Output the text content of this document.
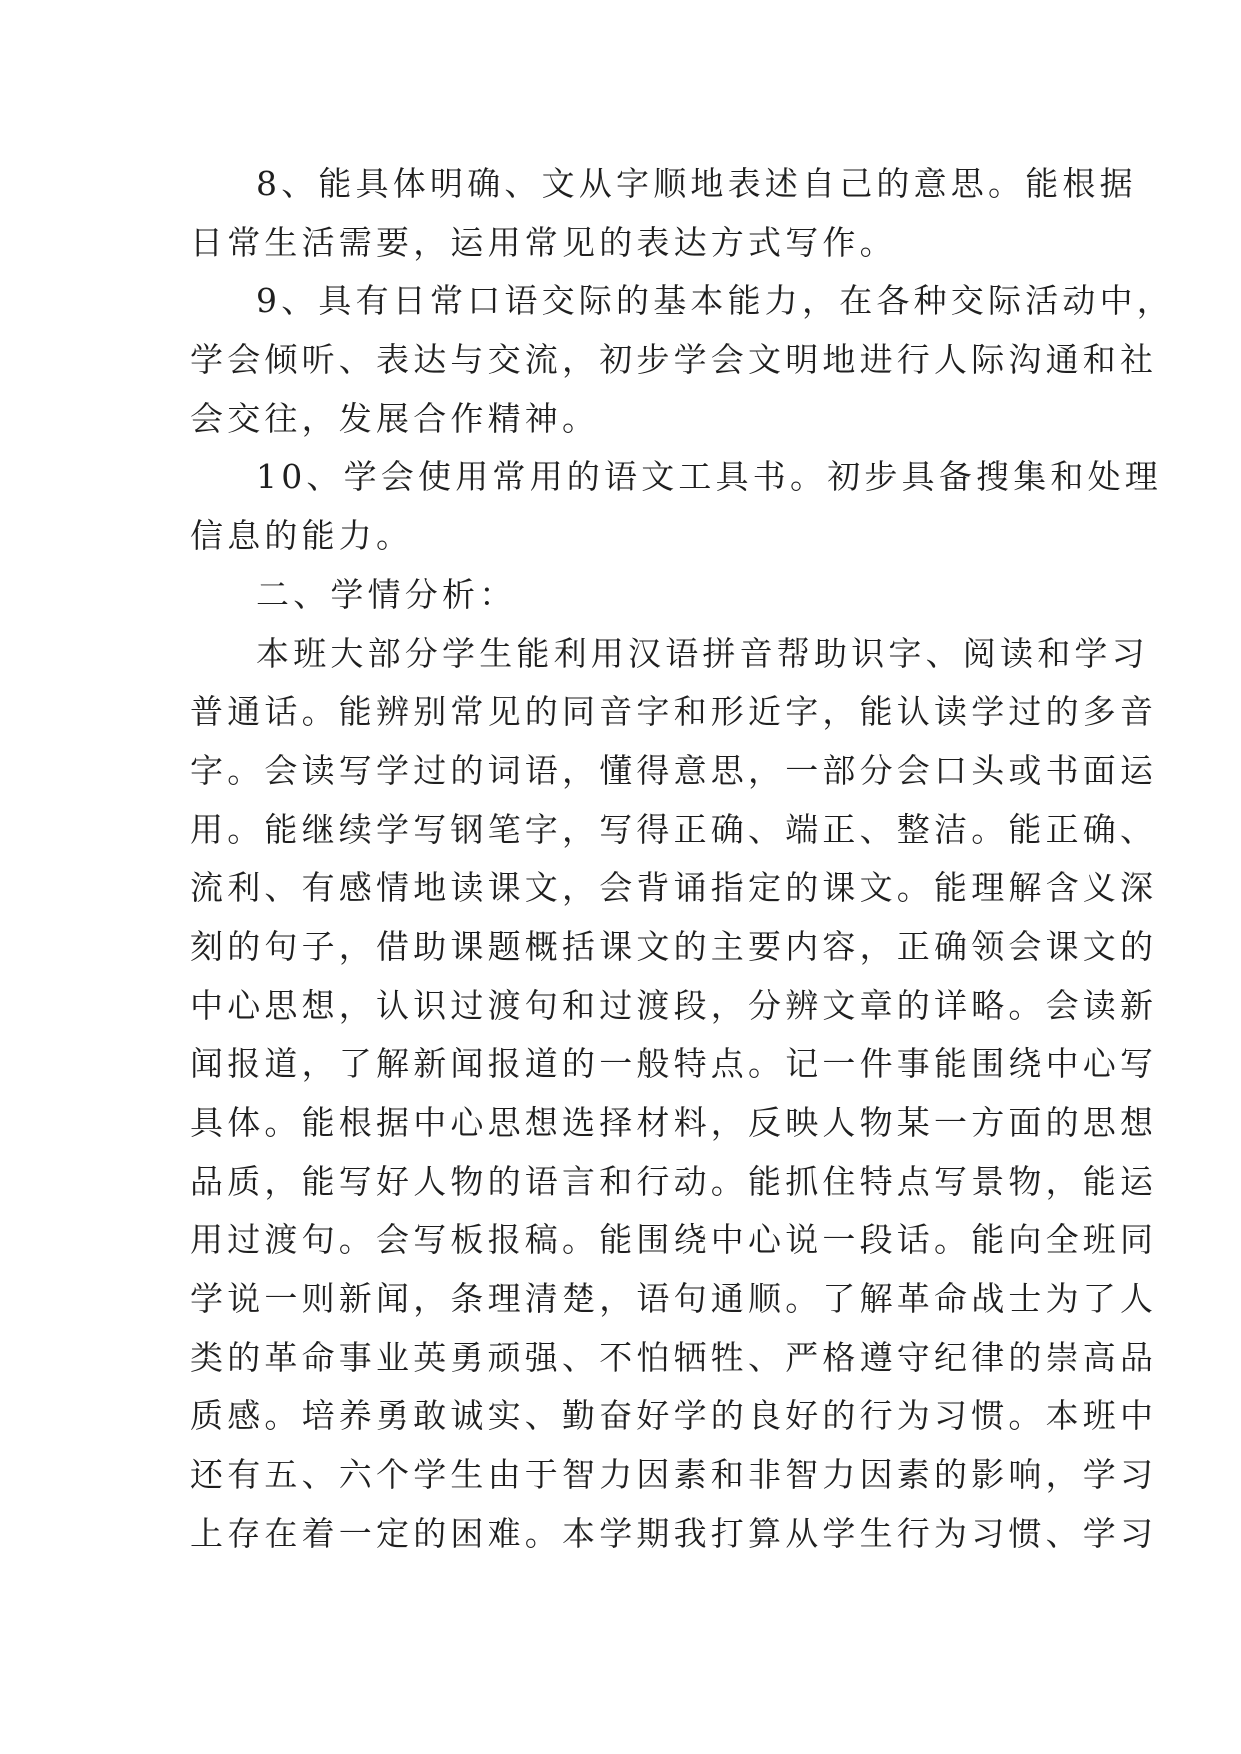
8、能具体明确、文从字顺地表述自己的意思。能根据
日常生活需要，运用常见的表达方式写作。
9、具有日常口语交际的基本能力，在各种交际活动中，
学会倾听、表达与交流，初步学会文明地进行人际沟通和社
会交往，发展合作精神。
10、学会使用常用的语文工具书。初步具备搜集和处理
信息的能力。
二、学情分析：
本班大部分学生能利用汉语拼音帮助识字、阅读和学习
普通话。能辨别常见的同音字和形近字，能认读学过的多音
字。会读写学过的词语，懂得意思，一部分会口头或书面运
用。能继续学写钢笔字，写得正确、端正、整洁。能正确、
流利、有感情地读课文，会背诵指定的课文。能理解含义深
刻的句子，借助课题概括课文的主要内容，正确领会课文的
中心思想，认识过渡句和过渡段，分辨文章的详略。会读新
闻报道，了解新闻报道的一般特点。记一件事能围绕中心写
具体。能根据中心思想选择材料，反映人物某一方面的思想
品质，能写好人物的语言和行动。能抓住特点写景物，能运
用过渡句。会写板报稿。能围绕中心说一段话。能向全班同
学说一则新闻，条理清楚，语句通顺。了解革命战士为了人
类的革命事业英勇顽强、不怕牺牲、严格遵守纪律的崇高品
质感。培养勇敢诚实、勤奋好学的良好的行为习惯。本班中
还有五、六个学生由于智力因素和非智力因素的影响，学习
上存在着一定的困难。本学期我打算从学生行为习惯、学习
